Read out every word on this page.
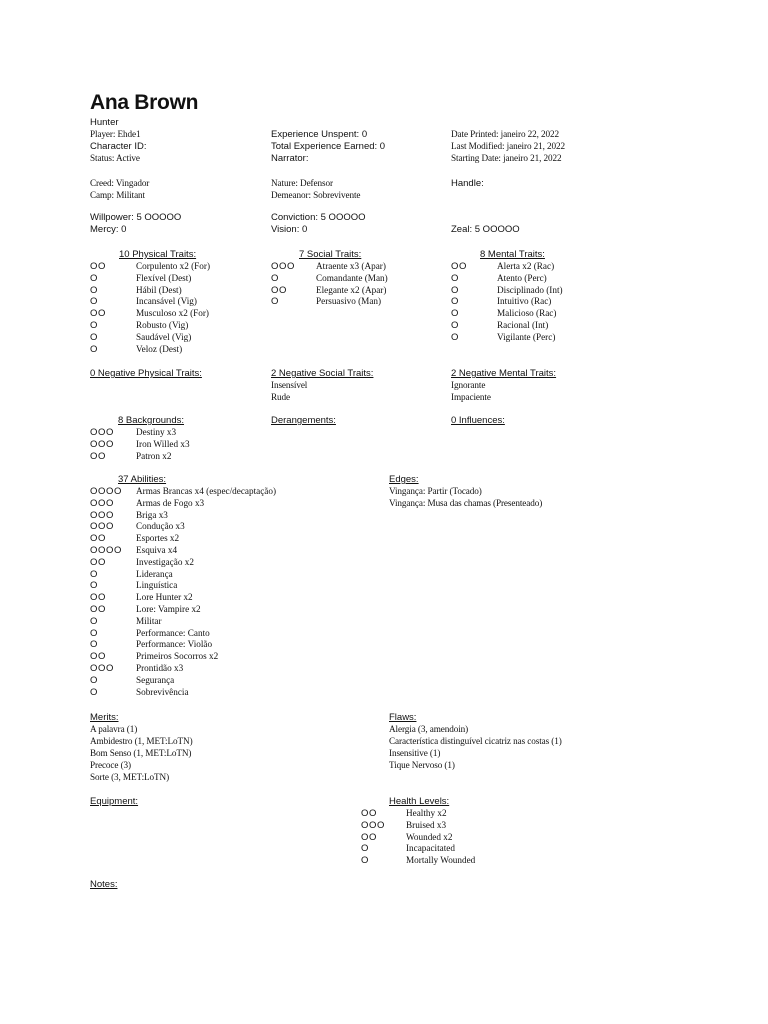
Ana Brown
Hunter
Player: Ehde1
Character ID:
Status: Active
Experience Unspent: 0
Total Experience Earned: 0
Narrator:
Date Printed: janeiro 22, 2022
Last Modified: janeiro 21, 2022
Starting Date: janeiro 21, 2022
Creed: Vingador
Camp: Militant
Nature: Defensor
Demeanor: Sobrevivente
Handle:
Willpower: 5 OOOOO
Mercy: 0
Conviction: 5 OOOOO
Vision: 0	Zeal: 5 OOOOO
10 Physical Traits:	7 Social Traits:	8 Mental Traits:
OO	Corpulento x2 (For)
O	Flexível (Dest)
O	Hábil (Dest)
O	Incansável (Vig)
OO	Musculoso x2 (For)
O	Robusto (Vig)
O	Saudável (Vig)
O	Veloz (Dest)
OOO Atraente x3 (Apar)
O	Comandante (Man)
OO	Elegante x2 (Apar)
O	Persuasivo (Man)
OO	Alerta x2 (Rac)
O	Atento (Perc)
O	Disciplinado (Int)
O	Intuitivo (Rac)
O	Malicioso (Rac)
O	Racional (Int)
O	Vigilante (Perc)
0 Negative Physical Traits:	2 Negative Social Traits:
Insensível
Rude
2 Negative Mental Traits:
Ignorante
Impaciente
8 Backgrounds:
OOO Destiny x3
OOO Iron Willed x3
OO	Patron x2
Derangements:	0 Influences:
37 Abilities:
OOOO Armas Brancas x4 (espec/decaptação)
OOO Armas de Fogo x3
OOO Briga x3
OOO Condução x3
OO	Esportes x2
OOOO Esquiva x4
OO	Investigação x2
O	Liderança
O	Linguística
OO	Lore Hunter x2
OO	Lore: Vampire x2
O	Militar
O	Performance: Canto
O	Performance: Violão
OO	Primeiros Socorros x2
OOO Prontidão x3
O	Segurança
O	Sobrevivência
Edges:
Vingança: Partir (Tocado)
Vingança: Musa das chamas (Presenteado)
Merits:
A palavra (1)
Ambidestro (1, MET:LoTN)
Bom Senso (1, MET:LoTN)
Precoce (3)
Sorte (3, MET:LoTN)
Flaws:
Alergia (3, amendoin)
Característica distinguível cicatriz nas costas (1)
Insensitive (1)
Tique Nervoso (1)
Equipment:	Health Levels:
OO	Healthy x2
OOO Bruised x3
OO	Wounded x2
O	Incapacitated
O	Mortally Wounded
Notes:
